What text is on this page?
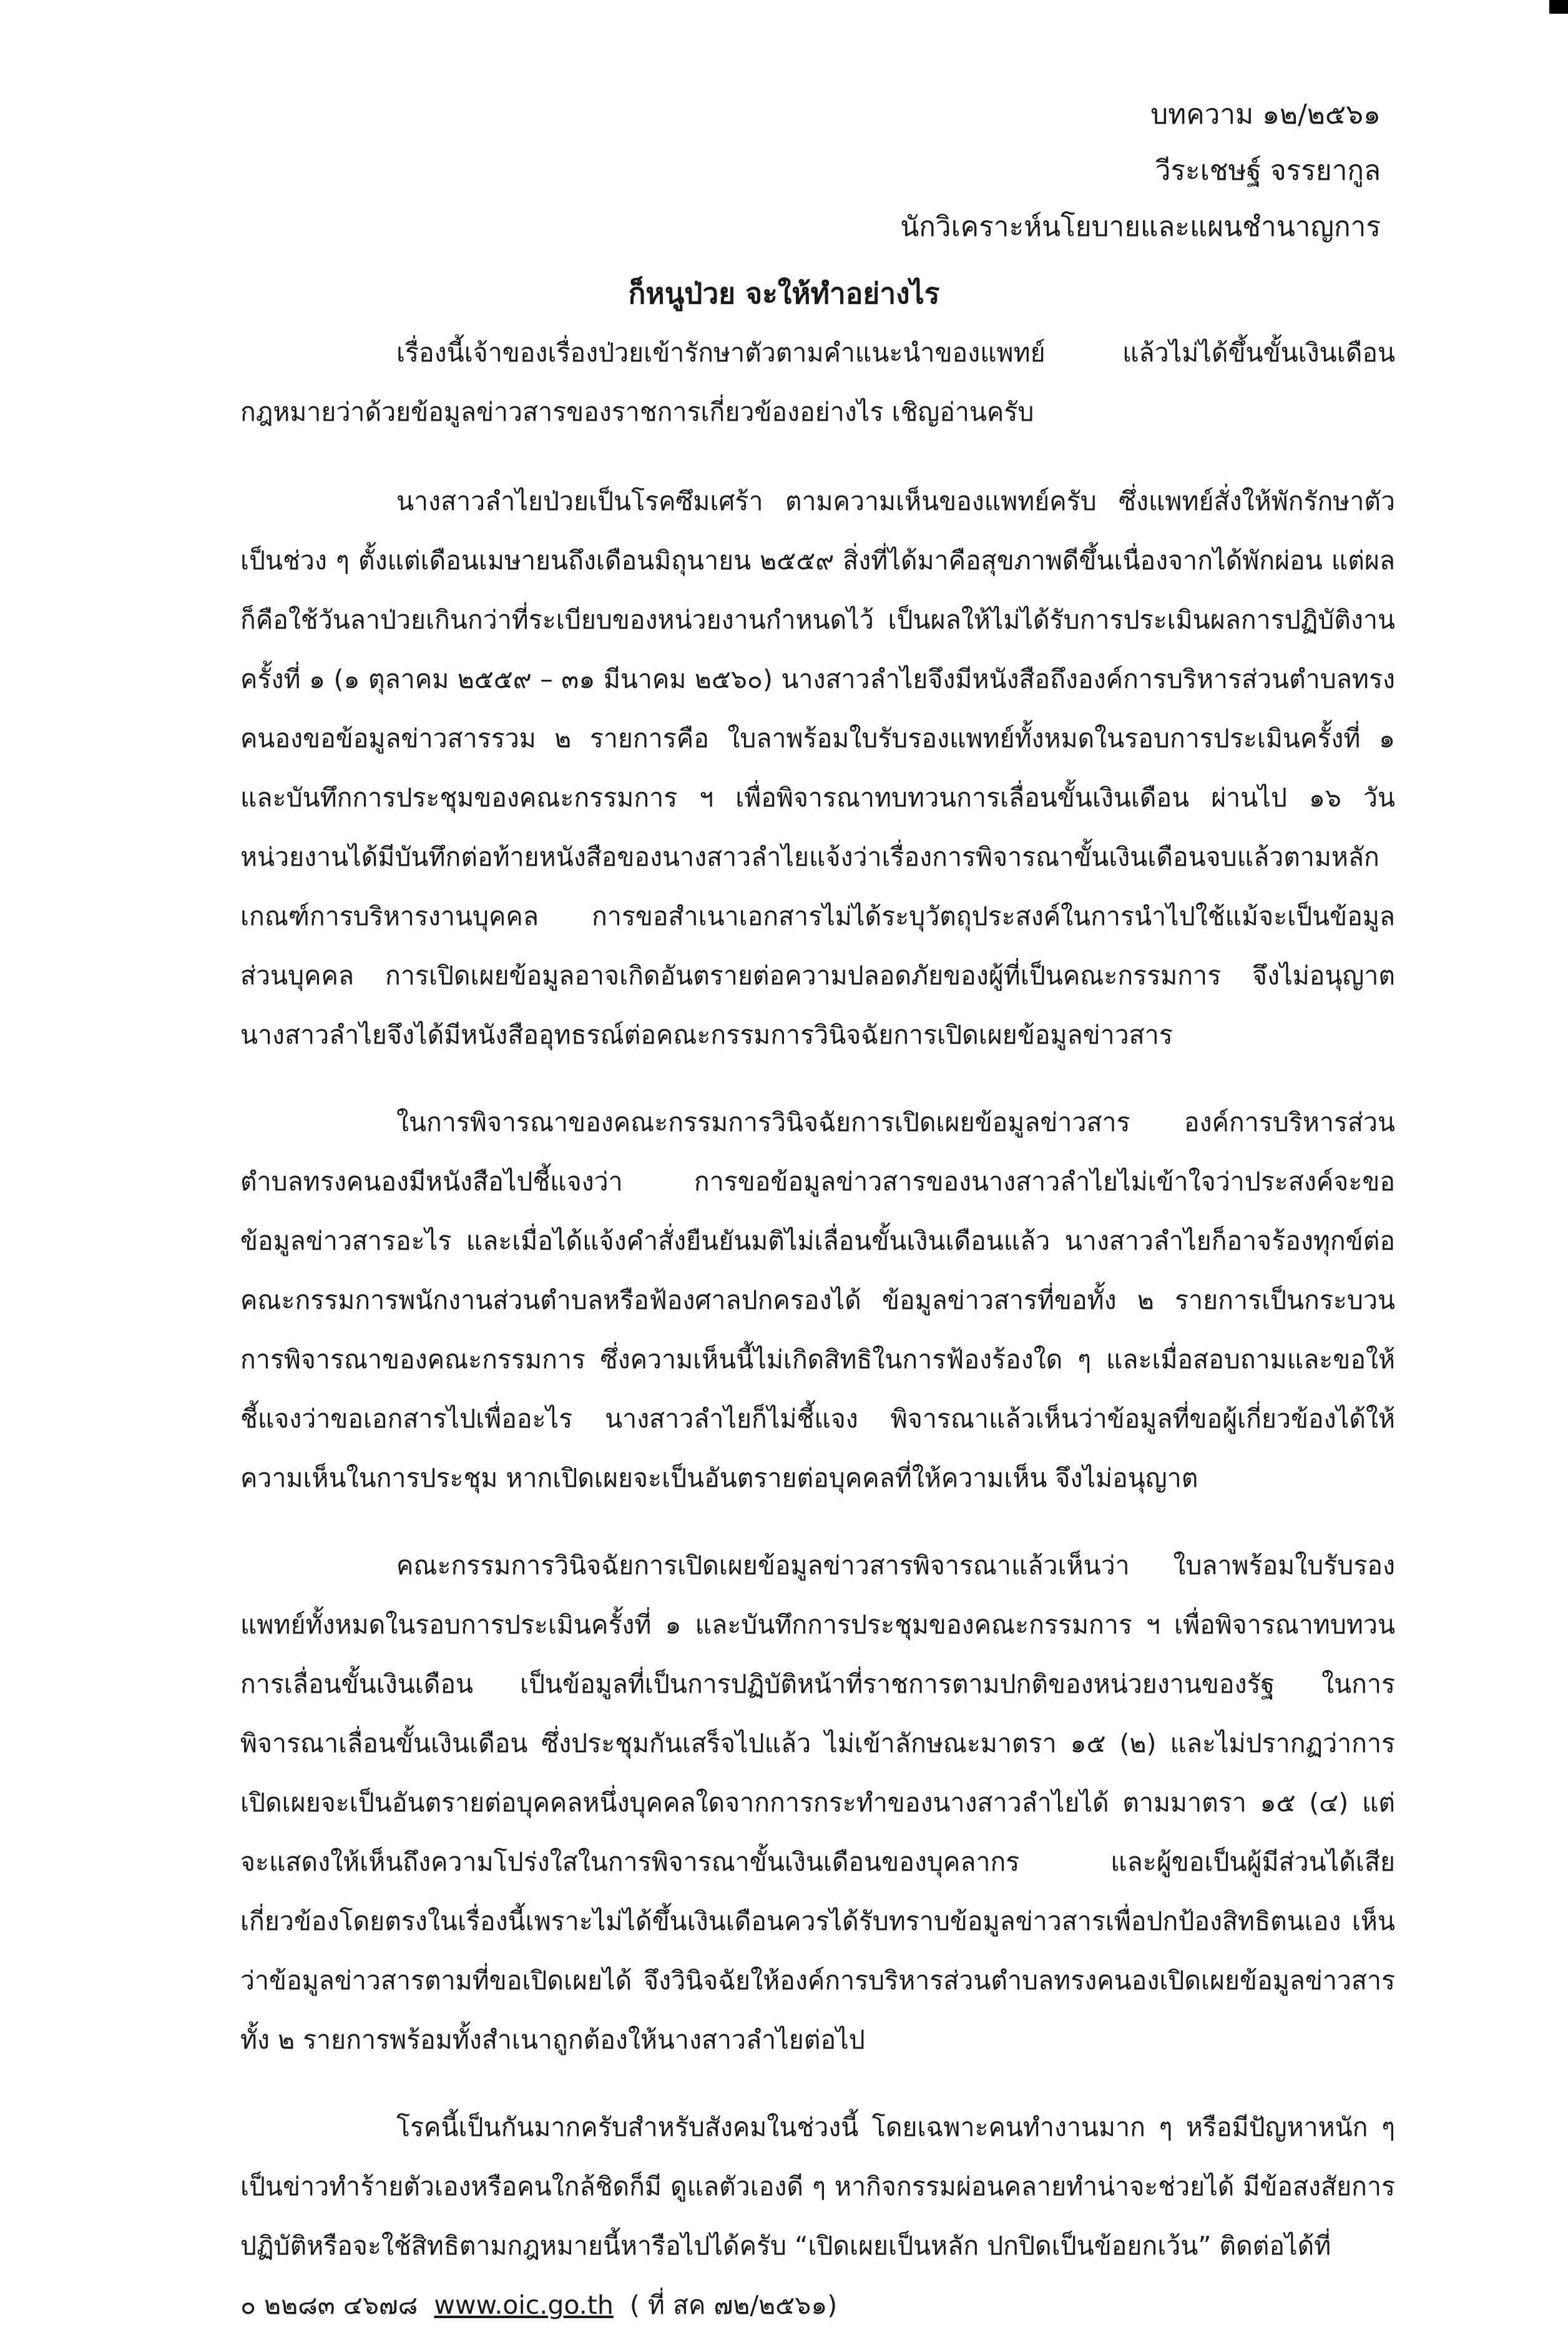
บทความ ๑๒/๒๕๖๑
วีระเชษฐ์ จรรยากูล
นักวิเคราะห์นโยบายและแผนชำนาญการ
ก็หนูป่วย จะให้ทำอย่างไร

เรื่องนี้เจ้าของเรื่องป่วยเข้ารักษาตัวตามคำแนะนำของแพทย์ แล้วไม่ได้ขึ้นขั้นเงินเดือน กฎหมายว่าด้วยข้อมูลข่าวสารของราชการเกี่ยวข้องอย่างไร เชิญอ่านครับ

นางสาวลำไยป่วยเป็นโรคซึมเศร้า ตามความเห็นของแพทย์ครับ ซึ่งแพทย์สั่งให้พักรักษาตัวเป็นช่วง ๆ ตั้งแต่เดือนเมษายนถึงเดือนมิถุนายน ๒๕๕๙ สิ่งที่ได้มาคือสุขภาพดีขึ้นเนื่องจากได้พักผ่อน แต่ผลก็คือใช้วันลาป่วยเกินกว่าที่ระเบียบของหน่วยงานกำหนดไว้ เป็นผลให้ไม่ได้รับการประเมินผลการปฏิบัติงาน ครั้งที่ ๑ (๑ ตุลาคม ๒๕๕๙ – ๓๑ มีนาคม ๒๕๖๐) นางสาวลำไยจึงมีหนังสือถึงองค์การบริหารส่วนตำบลทรงคนองขอข้อมูลข่าวสารรวม ๒ รายการคือ ใบลาพร้อมใบรับรองแพทย์ทั้งหมดในรอบการประเมินครั้งที่ ๑ และบันทึกการประชุมของคณะกรรมการ ฯ เพื่อพิจารณาทบทวนการเลื่อนขั้นเงินเดือน ผ่านไป ๑๖ วัน หน่วยงานได้มีบันทึกต่อท้ายหนังสือของนางสาวลำไยแจ้งว่าเรื่องการพิจารณาขั้นเงินเดือนจบแล้วตามหลักเกณฑ์การบริหารงานบุคคล การขอสำเนาเอกสารไม่ได้ระบุวัตถุประสงค์ในการนำไปใช้แม้จะเป็นข้อมูลส่วนบุคคล การเปิดเผยข้อมูลอาจเกิดอันตรายต่อความปลอดภัยของผู้ที่เป็นคณะกรรมการ จึงไม่อนุญาต นางสาวลำไยจึงได้มีหนังสืออุทธรณ์ต่อคณะกรรมการวินิจฉัยการเปิดเผยข้อมูลข่าวสาร

ในการพิจารณาของคณะกรรมการวินิจฉัยการเปิดเผยข้อมูลข่าวสาร องค์การบริหารส่วนตำบลทรงคนองมีหนังสือไปชี้แจงว่า การขอข้อมูลข่าวสารของนางสาวลำไยไม่เข้าใจว่าประสงค์จะขอข้อมูลข่าวสารอะไร และเมื่อได้แจ้งคำสั่งยืนยันมติไม่เลื่อนขั้นเงินเดือนแล้ว นางสาวลำไยก็อาจร้องทุกข์ต่อคณะกรรมการพนักงานส่วนตำบลหรือฟ้องศาลปกครองได้ ข้อมูลข่าวสารที่ขอทั้ง ๒ รายการเป็นกระบวนการพิจารณาของคณะกรรมการ ซึ่งความเห็นนี้ไม่เกิดสิทธิในการฟ้องร้องใด ๆ และเมื่อสอบถามและขอให้ชี้แจงว่าขอเอกสารไปเพื่ออะไร นางสาวลำไยก็ไม่ชี้แจง พิจารณาแล้วเห็นว่าข้อมูลที่ขอผู้เกี่ยวข้องได้ให้ความเห็นในการประชุม หากเปิดเผยจะเป็นอันตรายต่อบุคคลที่ให้ความเห็น จึงไม่อนุญาต

คณะกรรมการวินิจฉัยการเปิดเผยข้อมูลข่าวสารพิจารณาแล้วเห็นว่า ใบลาพร้อมใบรับรองแพทย์ทั้งหมดในรอบการประเมินครั้งที่ ๑ และบันทึกการประชุมของคณะกรรมการ ฯ เพื่อพิจารณาทบทวนการเลื่อนขั้นเงินเดือน เป็นข้อมูลที่เป็นการปฏิบัติหน้าที่ราชการตามปกติของหน่วยงานของรัฐ ในการพิจารณาเลื่อนขั้นเงินเดือน ซึ่งประชุมกันเสร็จไปแล้ว ไม่เข้าลักษณะมาตรา ๑๕ (๒) และไม่ปรากฏว่าการเปิดเผยจะเป็นอันตรายต่อบุคคลหนึ่งบุคคลใดจากการกระทำของนางสาวลำไยได้ ตามมาตรา ๑๕ (๔) แต่จะแสดงให้เห็นถึงความโปร่งใสในการพิจารณาขั้นเงินเดือนของบุคลากร และผู้ขอเป็นผู้มีส่วนได้เสียเกี่ยวข้องโดยตรงในเรื่องนี้เพราะไม่ได้ขึ้นเงินเดือนควรได้รับทราบข้อมูลข่าวสารเพื่อปกป้องสิทธิตนเอง เห็นว่าข้อมูลข่าวสารตามที่ขอเปิดเผยได้ จึงวินิจฉัยให้องค์การบริหารส่วนตำบลทรงคนองเปิดเผยข้อมูลข่าวสารทั้ง ๒ รายการพร้อมทั้งสำเนาถูกต้องให้นางสาวลำไยต่อไป

โรคนี้เป็นกันมากครับสำหรับสังคมในช่วงนี้ โดยเฉพาะคนทำงานมาก ๆ หรือมีปัญหาหนัก ๆ เป็นข่าวทำร้ายตัวเองหรือคนใกล้ชิดก็มี ดูแลตัวเองดี ๆ หากิจกรรมผ่อนคลายทำน่าจะช่วยได้ มีข้อสงสัยการปฏิบัติหรือจะใช้สิทธิตามกฎหมายนี้หารือไปได้ครับ “เปิดเผยเป็นหลัก ปกปิดเป็นข้อยกเว้น” ติดต่อได้ที่

๐ ๒๒๘๓ ๔๖๗๘ www.oic.go.th ( ที่ สค ๗๒/๒๕๖๑)
